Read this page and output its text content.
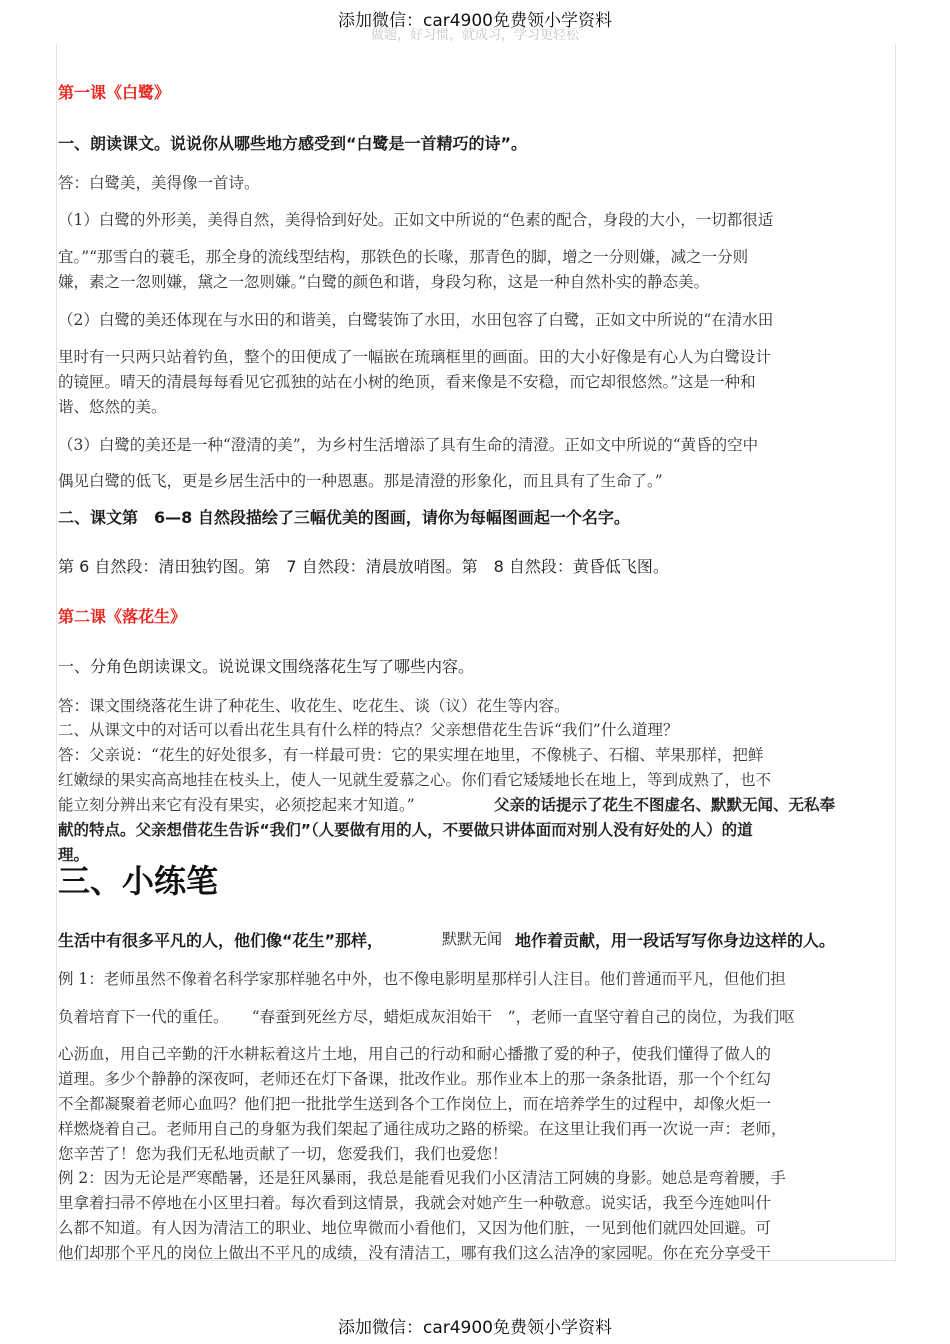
添加微信：car4900免费领小学资料
做题，好习惯，就成习，学习更轻松

第一课《白鹭》

一、朗读课文。说说你从哪些地方感受到“白鹭是一首精巧的诗”。

答：白鹭美，美得像一首诗。

（1）白鹭的外形美，美得自然，美得恰到好处。正如文中所说的“色素的配合，身段的大小，一切都很适

宜。”“那雪白的蓑毛，那全身的流线型结构，那铁色的长喙，那青色的脚，增之一分则嫌，减之一分则

嫌，素之一忽则嫌，黛之一忽则嫌。”白鹭的颜色和谐，身段匀称，这是一种自然朴实的静态美。

（2）白鹭的美还体现在与水田的和谐美，白鹭装饰了水田，水田包容了白鹭，正如文中所说的“在清水田

里时有一只两只站着钓鱼，整个的田便成了一幅嵌在琉璃框里的画面。田的大小好像是有心人为白鹭设计

的镜匣。晴天的清晨每每看见它孤独的站在小树的绝顶，看来像是不安稳，而它却很悠然。”这是一种和

谐、悠然的美。

（3）白鹭的美还是一种“澄清的美”，为乡村生活增添了具有生命的清澄。正如文中所说的“黄昏的空中

偶见白鹭的低飞，更是乡居生活中的一种恩惠。那是清澄的形象化，而且具有了生命了。”

二、课文第　6—8 自然段描绘了三幅优美的图画，请你为每幅图画起一个名字。

第 6 自然段：清田独钓图。第　7 自然段：清晨放哨图。第　8 自然段：黄昏低飞图。

第二课《落花生》

一、分角色朗读课文。说说课文围绕落花生写了哪些内容。

答：课文围绕落花生讲了种花生、收花生、吃花生、谈（议）花生等内容。

二、从课文中的对话可以看出花生具有什么样的特点？父亲想借花生告诉“我们”什么道理？

答：父亲说：“花生的好处很多，有一样最可贵：它的果实埋在地里，不像桃子、石榴、苹果那样，把鲜

红嫩绿的果实高高地挂在枝头上，使人一见就生爱慕之心。你们看它矮矮地长在地上，等到成熟了，也不

能立刻分辨出来它有没有果实，必须挖起来才知道。”	父亲的话提示了花生不图虚名、默默无闻、无私奉

献的特点。父亲想借花生告诉“我们”（人要做有用的人，不要做只讲体面而对别人没有好处的人）的道

理。

三、小练笔

生活中有很多平凡的人，他们像“花生”那样，	默默无闻 地作着贡献，用一段话写写你身边这样的人。

例 1：老师虽然不像着名科学家那样驰名中外，也不像电影明星那样引人注目。他们普通而平凡，但他们担

负着培育下一代的重任。　　“春蚕到死丝方尽，蜡炬成灰泪始干　”，老师一直坚守着自己的岗位，为我们呕

心沥血，用自己辛勤的汗水耕耘着这片土地，用自己的行动和耐心播撒了爱的种子，使我们懂得了做人的

道理。多少个静静的深夜呵，老师还在灯下备课，批改作业。那作业本上的那一条条批语，那一个个红勾

不全都凝聚着老师心血吗？他们把一批批学生送到各个工作岗位上，而在培养学生的过程中，却像火炬一

样燃烧着自己。老师用自己的身躯为我们架起了通往成功之路的桥梁。在这里让我们再一次说一声：老师，

您辛苦了！您为我们无私地贡献了一切，您爱我们，我们也爱您！

例 2：因为无论是严寒酷暑，还是狂风暴雨，我总是能看见我们小区清洁工阿姨的身影。她总是弯着腰，手

里拿着扫帚不停地在小区里扫着。每次看到这情景，我就会对她产生一种敬意。说实话，我至今连她叫什

么都不知道。有人因为清洁工的职业、地位卑微而小看他们，又因为他们脏，一见到他们就四处回避。可

他们却那个平凡的岗位上做出不平凡的成绩，没有清洁工，哪有我们这么洁净的家园呢。你在充分享受干

添加微信：car4900免费领小学资料
